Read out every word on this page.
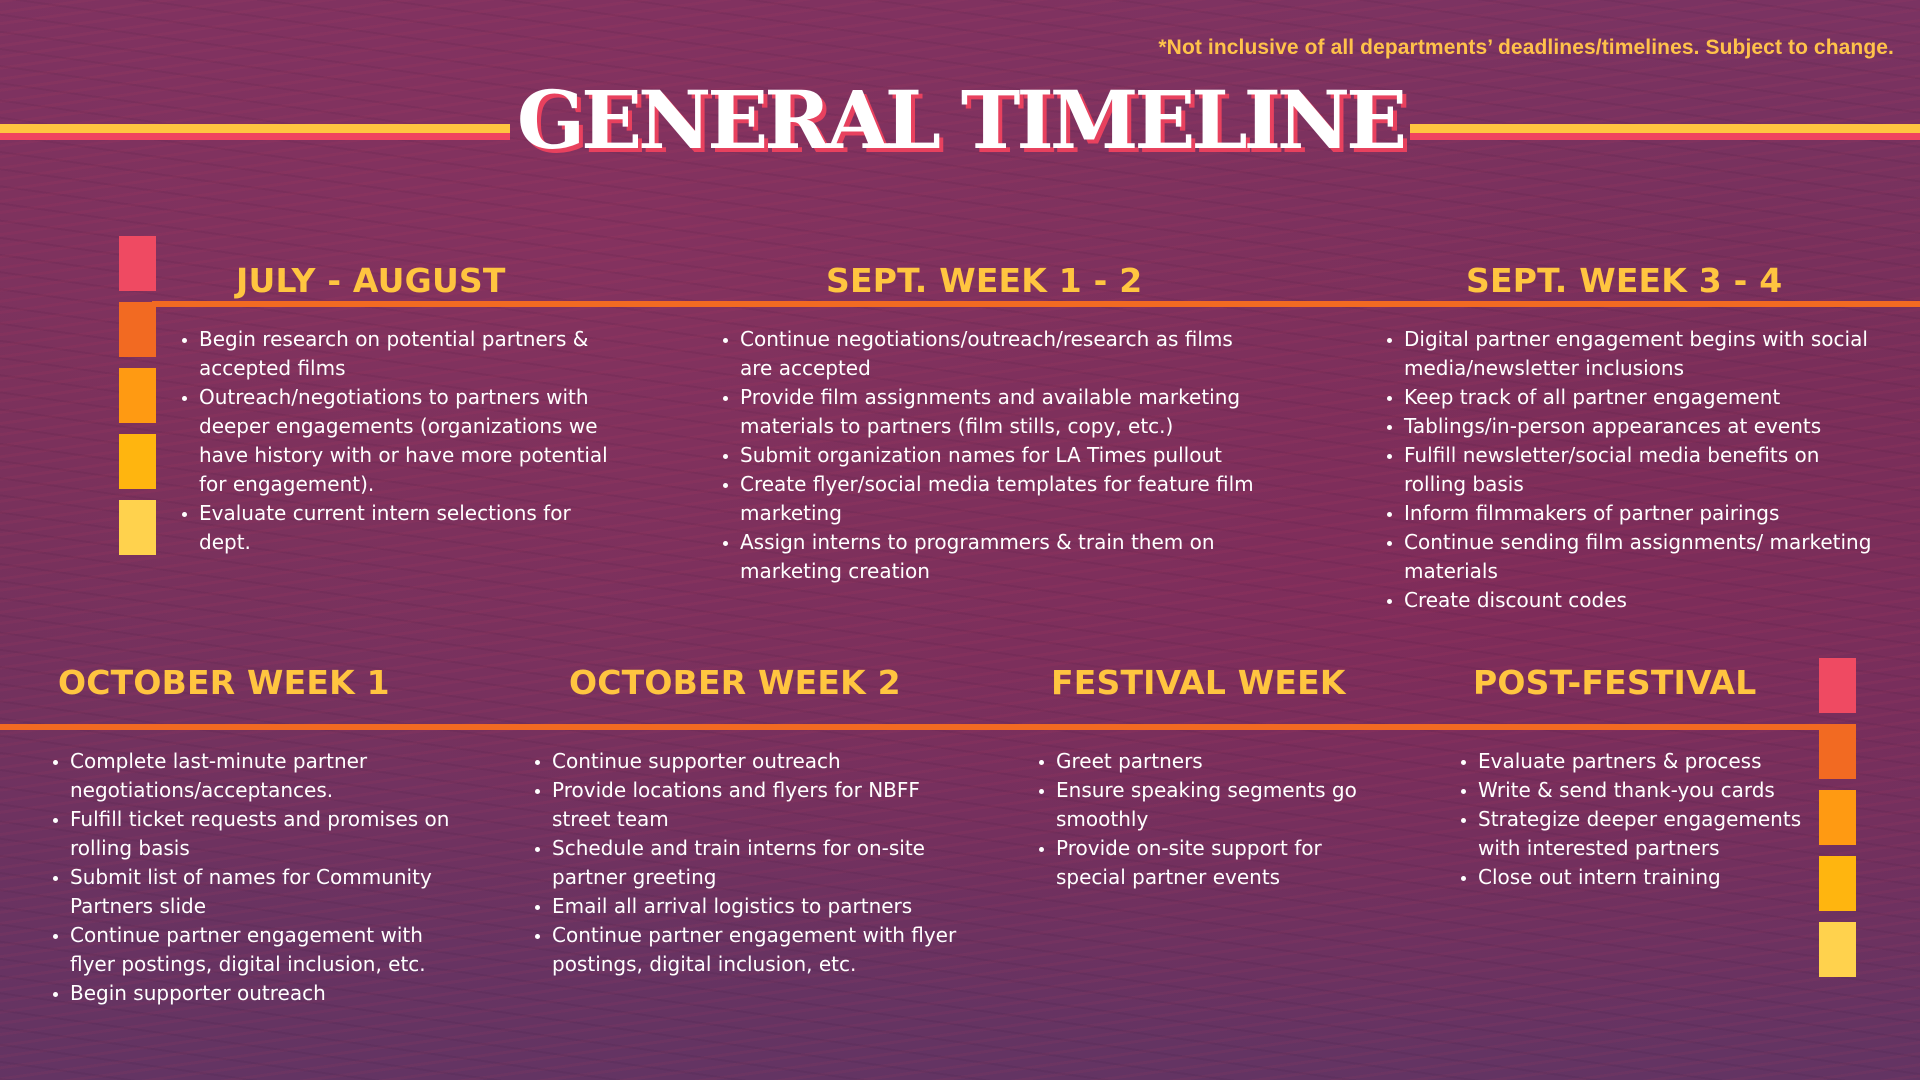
*Not inclusive of all departments’ deadlines/timelines. Subject to change.
GENERAL TIMELINE
JULY - AUGUST
Begin research on potential partners & accepted films
Outreach/negotiations to partners with deeper engagements (organizations we have history with or have more potential for engagement).
Evaluate current intern selections for dept.
SEPT. WEEK 1 - 2
Continue negotiations/outreach/research as films are accepted
Provide film assignments and available marketing materials to partners (film stills, copy, etc.)
Submit organization names for LA Times pullout
Create flyer/social media templates for feature film marketing
Assign interns to programmers & train them on marketing creation
SEPT. WEEK 3 - 4
Digital partner engagement begins with social media/newsletter inclusions
Keep track of all partner engagement
Tablings/in-person appearances at events
Fulfill newsletter/social media benefits on rolling basis
Inform filmmakers of partner pairings
Continue sending film assignments/ marketing materials
Create discount codes
OCTOBER WEEK 1
Complete last-minute partner negotiations/acceptances.
Fulfill ticket requests and promises on rolling basis
Submit list of names for Community Partners slide
Continue partner engagement with flyer postings, digital inclusion, etc.
Begin supporter outreach
OCTOBER WEEK 2
Continue supporter outreach
Provide locations and flyers for NBFF street team
Schedule and train interns for on-site partner greeting
Email all arrival logistics to partners
Continue partner engagement with flyer postings, digital inclusion, etc.
FESTIVAL WEEK
Greet partners
Ensure speaking segments go smoothly
Provide on-site support for special partner events
POST-FESTIVAL
Evaluate partners & process
Write & send thank-you cards
Strategize deeper engagements with interested partners
Close out intern training
